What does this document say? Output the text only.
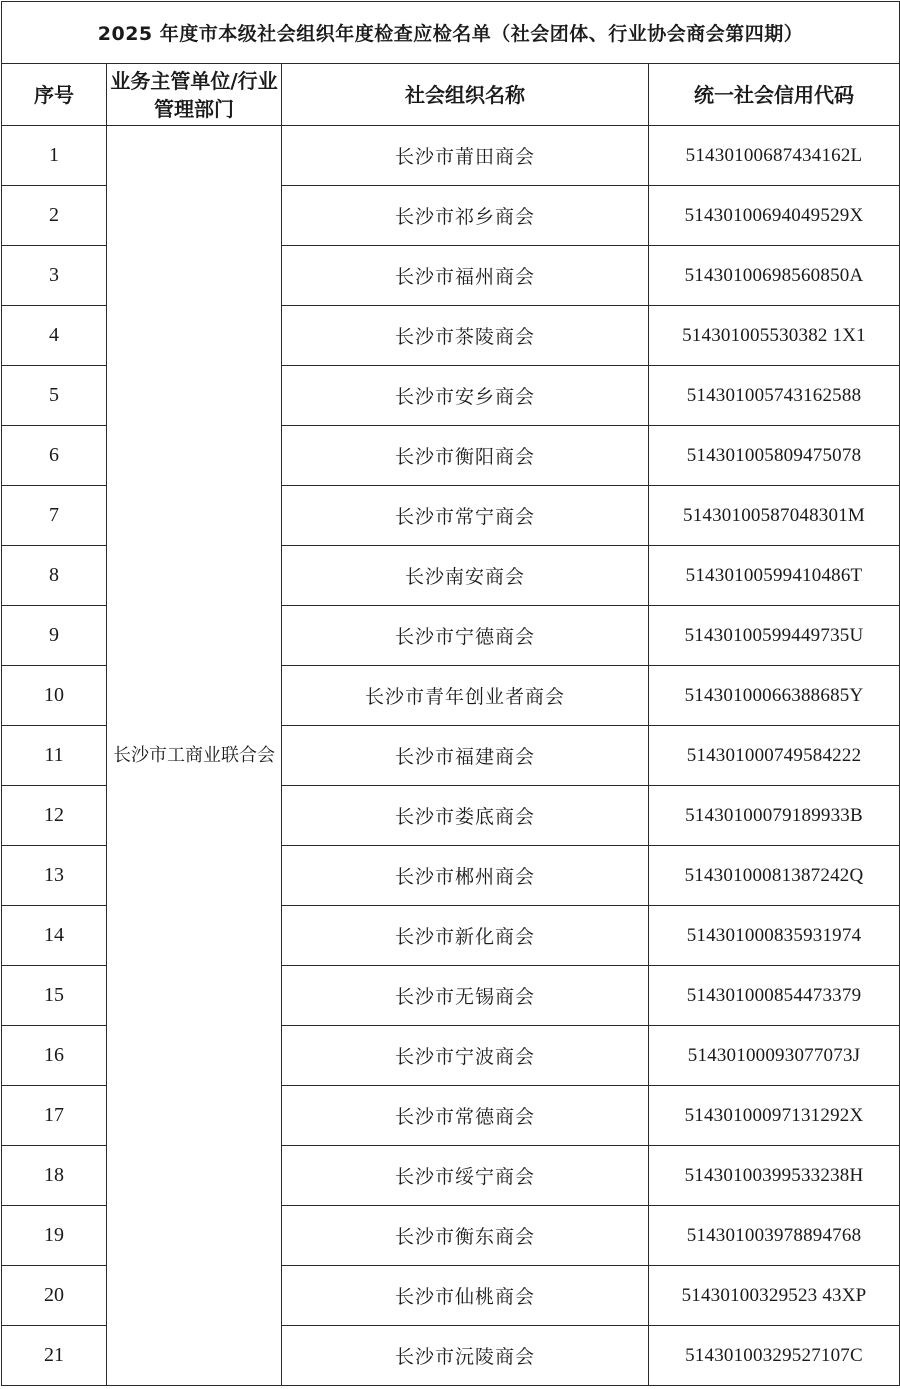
2025 年度市本级社会组织年度检查应检名单（社会团体、行业协会商会第四期）			
序号	业务主管单位/行业管理部门	社会组织名称	统一社会信用代码
1	长沙市工商业联合会	长沙市莆田商会	51430100687434162L
2		长沙市祁乡商会	51430100694049529X
3		长沙市福州商会	51430100698560850A
4		长沙市茶陵商会	514301005530382 1X1
5		长沙市安乡商会	514301005743162588
6		长沙市衡阳商会	514301005809475078
7		长沙市常宁商会	51430100587048301M
8		长沙南安商会	51430100599410486T
9		长沙市宁德商会	51430100599449735U
10		长沙市青年创业者商会	51430100066388685Y
11		长沙市福建商会	514301000749584222
12		长沙市娄底商会	51430100079189933B
13		长沙市郴州商会	51430100081387242Q
14		长沙市新化商会	514301000835931974
15		长沙市无锡商会	514301000854473379
16		长沙市宁波商会	51430100093077073J
17		长沙市常德商会	51430100097131292X
18		长沙市绥宁商会	51430100399533238H
19		长沙市衡东商会	514301003978894768
20		长沙市仙桃商会	51430100329523 43XP
21		长沙市沅陵商会	51430100329527107C
